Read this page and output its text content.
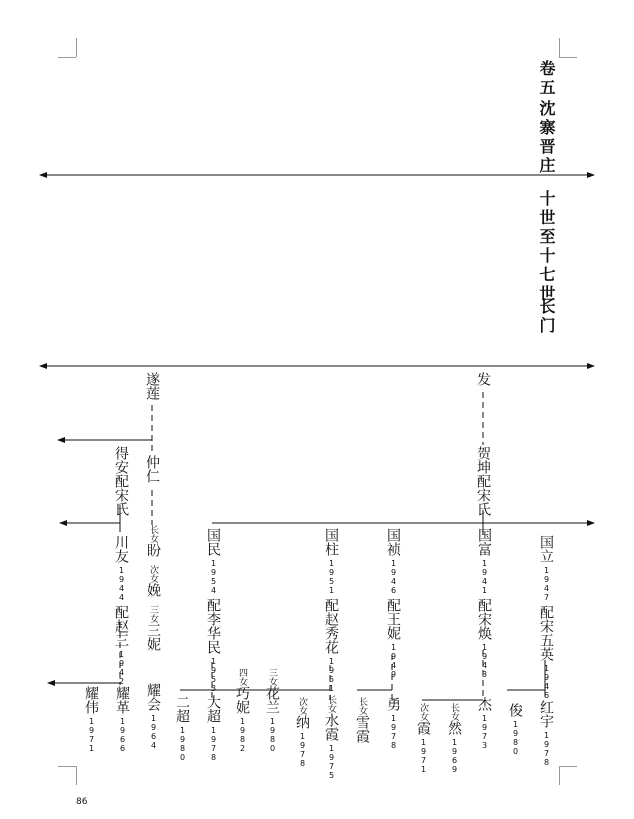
卷五
沈寨晋庄
十世至十七世
长门
遂莲	发
仲仁	贺坤配宋氏
得安配宋氏
川友1944配赵三1942
长女盼
次女娩
三女三妮
国民1954配李华民1953
国柱1951配赵秀花1951
国祯1946配王妮1949
国富1941配宋焕1943
国立1947配宋五英1946
耀伟1971
耀革1966
耀会1964
二超1980
大超1978
四女巧妮1982
三女花兰1980
次女纳1978
长女水霞1975
长女雪霞
勇1978
次女霞1971
长女然1969
杰1973
俊1980
红宇1978
86
